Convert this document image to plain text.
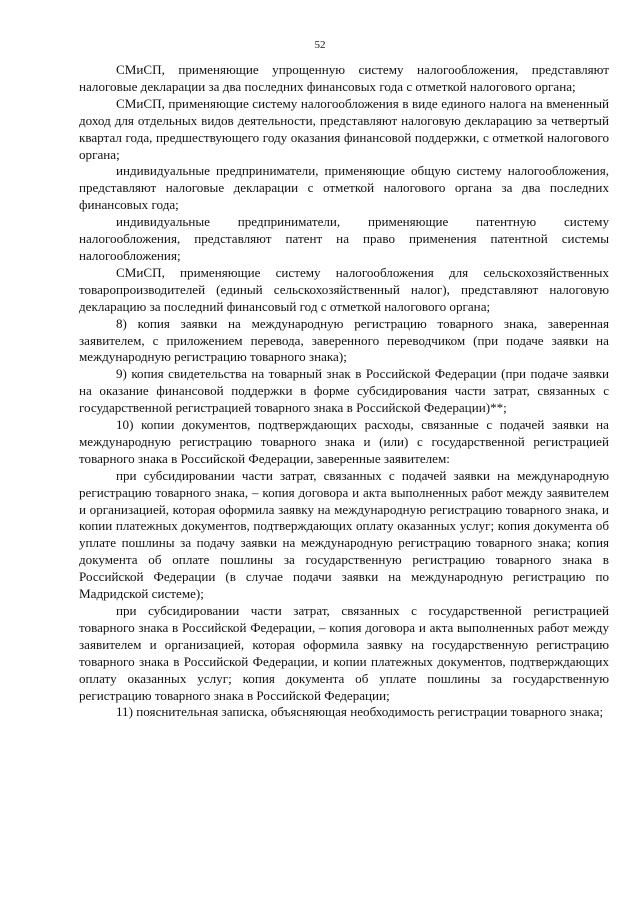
52

СМиСП, применяющие упрощенную систему налогообложения, представляют налоговые декларации за два последних финансовых года с отметкой налогового органа;

СМиСП, применяющие систему налогообложения в виде единого налога на вмененный доход для отдельных видов деятельности, представляют налоговую декларацию за четвертый квартал года, предшествующего году оказания финансовой поддержки, с отметкой налогового органа;

индивидуальные предприниматели, применяющие общую систему налогообложения, представляют налоговые декларации с отметкой налогового органа за два последних финансовых года;

индивидуальные предприниматели, применяющие патентную систему налогообложения, представляют патент на право применения патентной системы налогообложения;

СМиСП, применяющие систему налогообложения для сельскохозяйственных товаропроизводителей (единый сельскохозяйственный налог), представляют налоговую декларацию за последний финансовый год с отметкой налогового органа;

8) копия заявки на международную регистрацию товарного знака, заверенная заявителем, с приложением перевода, заверенного переводчиком (при подаче заявки на международную регистрацию товарного знака);

9) копия свидетельства на товарный знак в Российской Федерации (при подаче заявки на оказание финансовой поддержки в форме субсидирования части затрат, связанных с государственной регистрацией товарного знака в Российской Федерации)**;

10) копии документов, подтверждающих расходы, связанные с подачей заявки на международную регистрацию товарного знака и (или) с государственной регистрацией товарного знака в Российской Федерации, заверенные заявителем:

при субсидировании части затрат, связанных с подачей заявки на международную регистрацию товарного знака, – копия договора и акта выполненных работ между заявителем и организацией, которая оформила заявку на международную регистрацию товарного знака, и копии платежных документов, подтверждающих оплату оказанных услуг; копия документа об уплате пошлины за подачу заявки на международную регистрацию товарного знака; копия документа об оплате пошлины за государственную регистрацию товарного знака в Российской Федерации (в случае подачи заявки на международную регистрацию по Мадридской системе);

при субсидировании части затрат, связанных с государственной регистрацией товарного знака в Российской Федерации, – копия договора и акта выполненных работ между заявителем и организацией, которая оформила заявку на государственную регистрацию товарного знака в Российской Федерации, и копии платежных документов, подтверждающих оплату оказанных услуг; копия документа об уплате пошлины за государственную регистрацию товарного знака в Российской Федерации;

11) пояснительная записка, объясняющая необходимость регистрации товарного знака;
